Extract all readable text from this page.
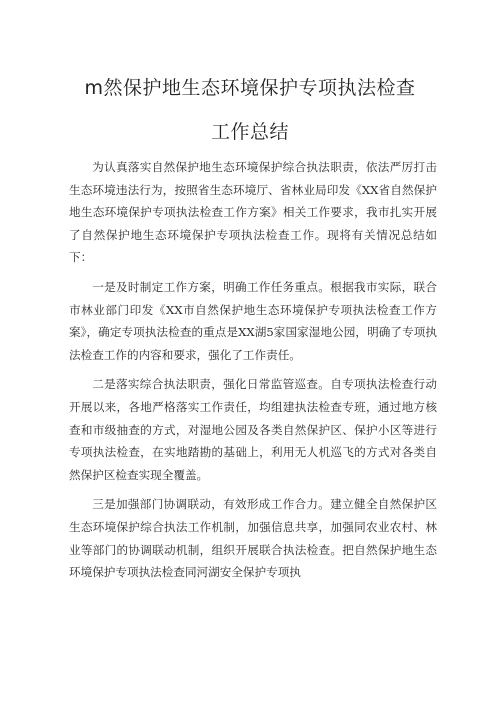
m然保护地生态环境保护专项执法检查
工作总结

为认真落实自然保护地生态环境保护综合执法职责，依法严厉打击生态环境违法行为，按照省生态环境厅、省林业局印发《XX省自然保护地生态环境保护专项执法检查工作方案》相关工作要求，我市扎实开展了自然保护地生态环境保护专项执法检查工作。现将有关情况总结如下：

一是及时制定工作方案，明确工作任务重点。根据我市实际，联合市林业部门印发《XX市自然保护地生态环境保护专项执法检查工作方案》，确定专项执法检查的重点是XX湖5家国家湿地公园，明确了专项执法检查工作的内容和要求，强化了工作责任。

二是落实综合执法职责，强化日常监管巡查。自专项执法检查行动开展以来，各地严格落实工作责任，均组建执法检查专班，通过地方核查和市级抽查的方式，对湿地公园及各类自然保护区、保护小区等进行专项执法检查，在实地踏勘的基础上，利用无人机巡飞的方式对各类自然保护区检查实现全覆盖。

三是加强部门协调联动，有效形成工作合力。建立健全自然保护区生态环境保护综合执法工作机制，加强信息共享，加强同农业农村、林业等部门的协调联动机制，组织开展联合执法检查。把自然保护地生态环境保护专项执法检查同河湖安全保护专项执
